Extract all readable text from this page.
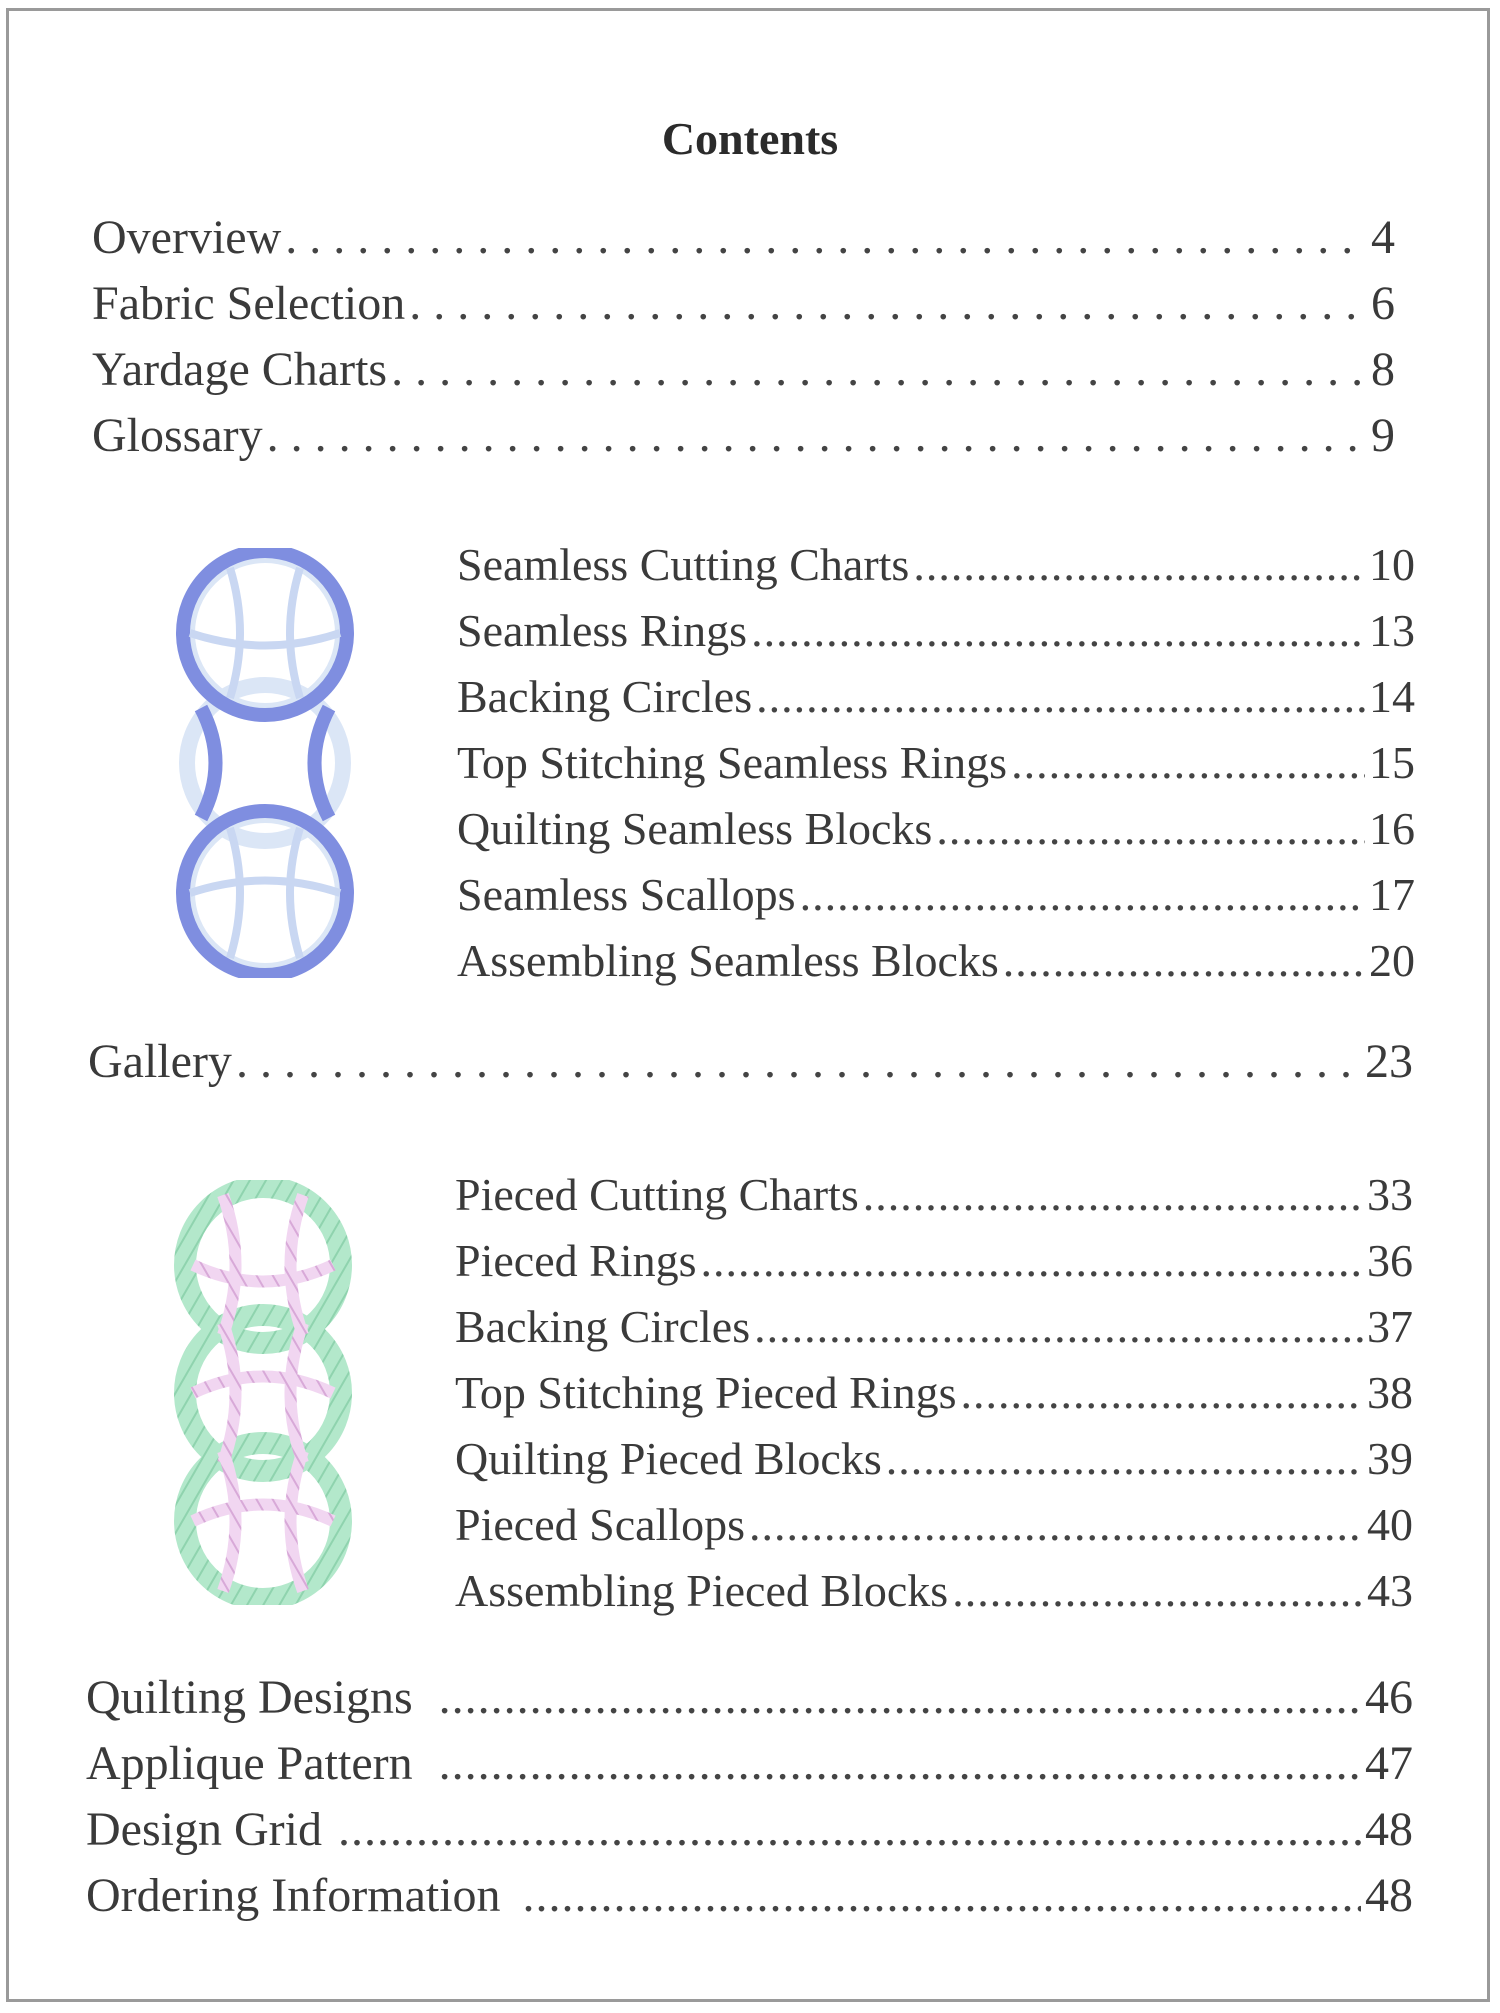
Contents
Overview .....	4
Fabric Selection .....	6
Yardage Charts .....	8
Glossary .....	9
Seamless Cutting Charts .....	10
Seamless Rings .....	13
Backing Circles .....	14
Top Stitching Seamless Rings .....	15
Quilting Seamless Blocks .....	16
Seamless Scallops .....	17
Assembling Seamless Blocks .....	20
Gallery .....	23
Pieced Cutting Charts .....	33
Pieced Rings .....	36
Backing Circles .....	37
Top Stitching Pieced Rings .....	38
Quilting Pieced Blocks .....	39
Pieced Scallops .....	40
Assembling Pieced Blocks .....	43
Quilting Designs .....	46
Applique Pattern .....	47
Design Grid .....	48
Ordering Information .....	48
